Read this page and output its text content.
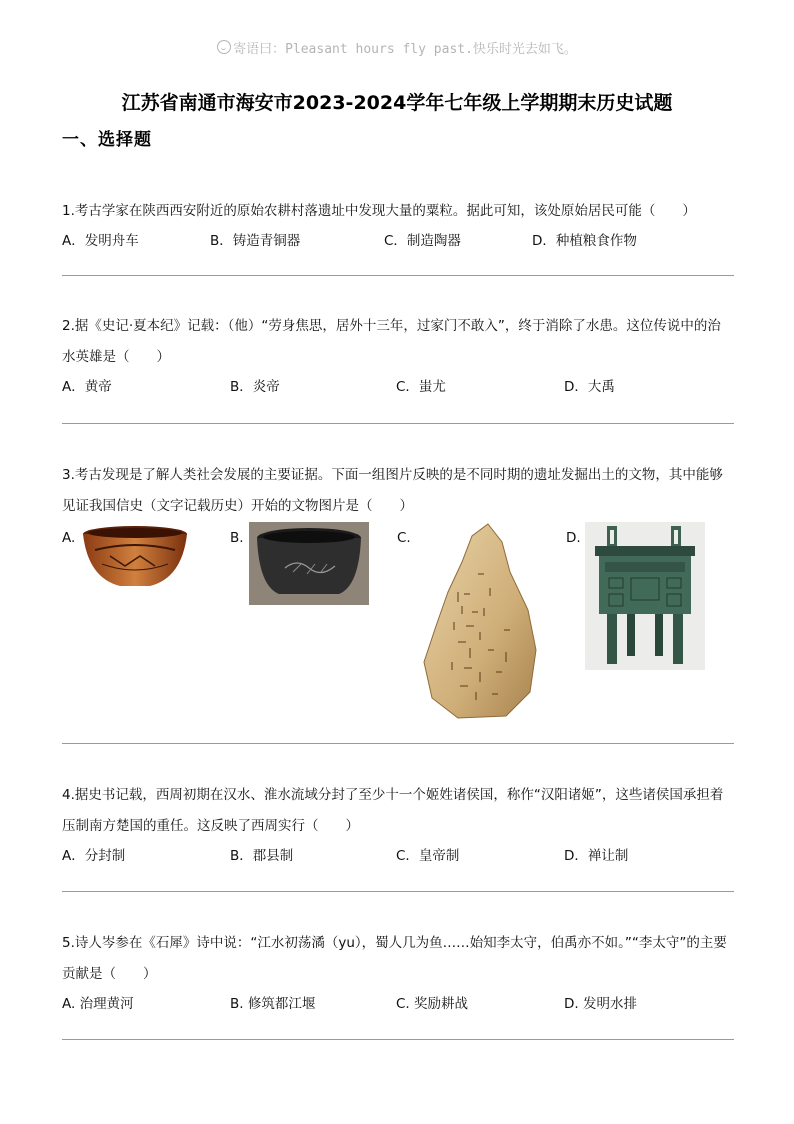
寄语曰：Pleasant hours fly past.快乐时光去如飞。
江苏省南通市海安市2023-2024学年七年级上学期期末历史试题
一、选择题

1.考古学家在陕西西安附近的原始农耕村落遗址中发现大量的粟粒。据此可知，该处原始居民可能（　　）

A．发明舟车	B．铸造青铜器	C．制造陶器	D．种植粮食作物

2.据《史记·夏本纪》记载：（他）“劳身焦思，居外十三年，过家门不敢入”，终于消除了水患。这位传说中的治水英雄是（　　）

A．黄帝	B．炎帝	C．蚩尤	D．大禹

3.考古发现是了解人类社会发展的主要证据。下面一组图片反映的是不同时期的遗址发掘出土的文物，其中能够见证我国信史（文字记载历史）开始的文物图片是（　　）

A.	B.	C.	D.

4.据史书记载，西周初期在汉水、淮水流域分封了至少十一个姬姓诸侯国，称作“汉阳诸姬”，这些诸侯国承担着压制南方楚国的重任。这反映了西周实行（　　）

A．分封制	B．郡县制	C．皇帝制	D．禅让制

5.诗人岑参在《石犀》诗中说：“江水初荡潏（yu），蜀人几为鱼……始知李太守，伯禹亦不如。”“李太守”的主要贡献是（　　）

A. 治理黄河	B. 修筑都江堰	C. 奖励耕战	D. 发明水排
